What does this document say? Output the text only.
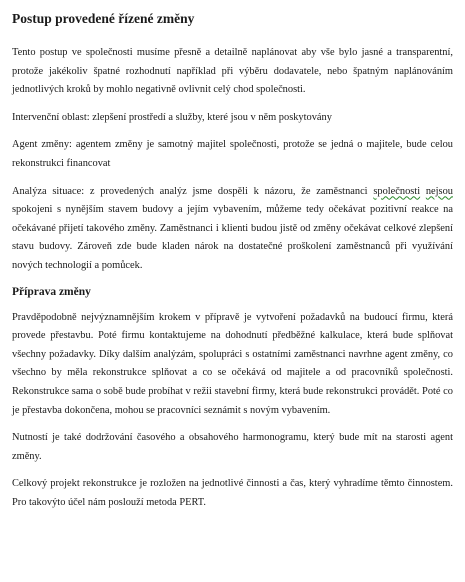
Postup provedené řízené změny

Tento postup ve společnosti musíme přesně a detailně naplánovat aby vše bylo jasné a transparentní, protože jakékoliv špatné rozhodnutí například při výběru dodavatele, nebo špatným naplánováním jednotlivých kroků by mohlo negativně ovlivnit celý chod společnosti.

Intervenční oblast: zlepšení prostředí a služby, které jsou v něm poskytovány

Agent změny: agentem změny je samotný majitel společnosti, protože se jedná o majitele, bude celou rekonstrukci financovat

Analýza situace: z provedených analýz jsme dospěli k názoru, že zaměstnanci společnosti nejsou spokojeni s nynějším stavem budovy a jejím vybavením, můžeme tedy očekávat pozitivní reakce na očekávané přijetí takového změny. Zaměstnanci i klienti budou jistě od změny očekávat celkové zlepšení stavu budovy. Zároveň zde bude kladen nárok na dostatečné proškolení zaměstnanců při využívání nových technologií a pomůcek.

Příprava změny

Pravděpodobně nejvýznamnějším krokem v přípravě je vytvoření požadavků na budoucí firmu, která provede přestavbu. Poté firmu kontaktujeme na dohodnutí předběžné kalkulace, která bude splňovat všechny požadavky. Díky dalším analýzám, spolupráci s ostatními zaměstnanci navrhne agent změny, co všechno by měla rekonstrukce splňovat a co se očekává od majitele a od pracovníků společnosti. Rekonstrukce sama o sobě bude probíhat v režii stavební firmy, která bude rekonstrukci provádět. Poté co je přestavba dokončena, mohou se pracovníci seznámit s novým vybavením.

Nutností je také dodržování časového a obsahového harmonogramu, který bude mít na starosti agent změny.

Celkový projekt rekonstrukce je rozložen na jednotlivé činnosti a čas, který vyhradíme těmto činnostem. Pro takovýto účel nám poslouží metoda PERT.
